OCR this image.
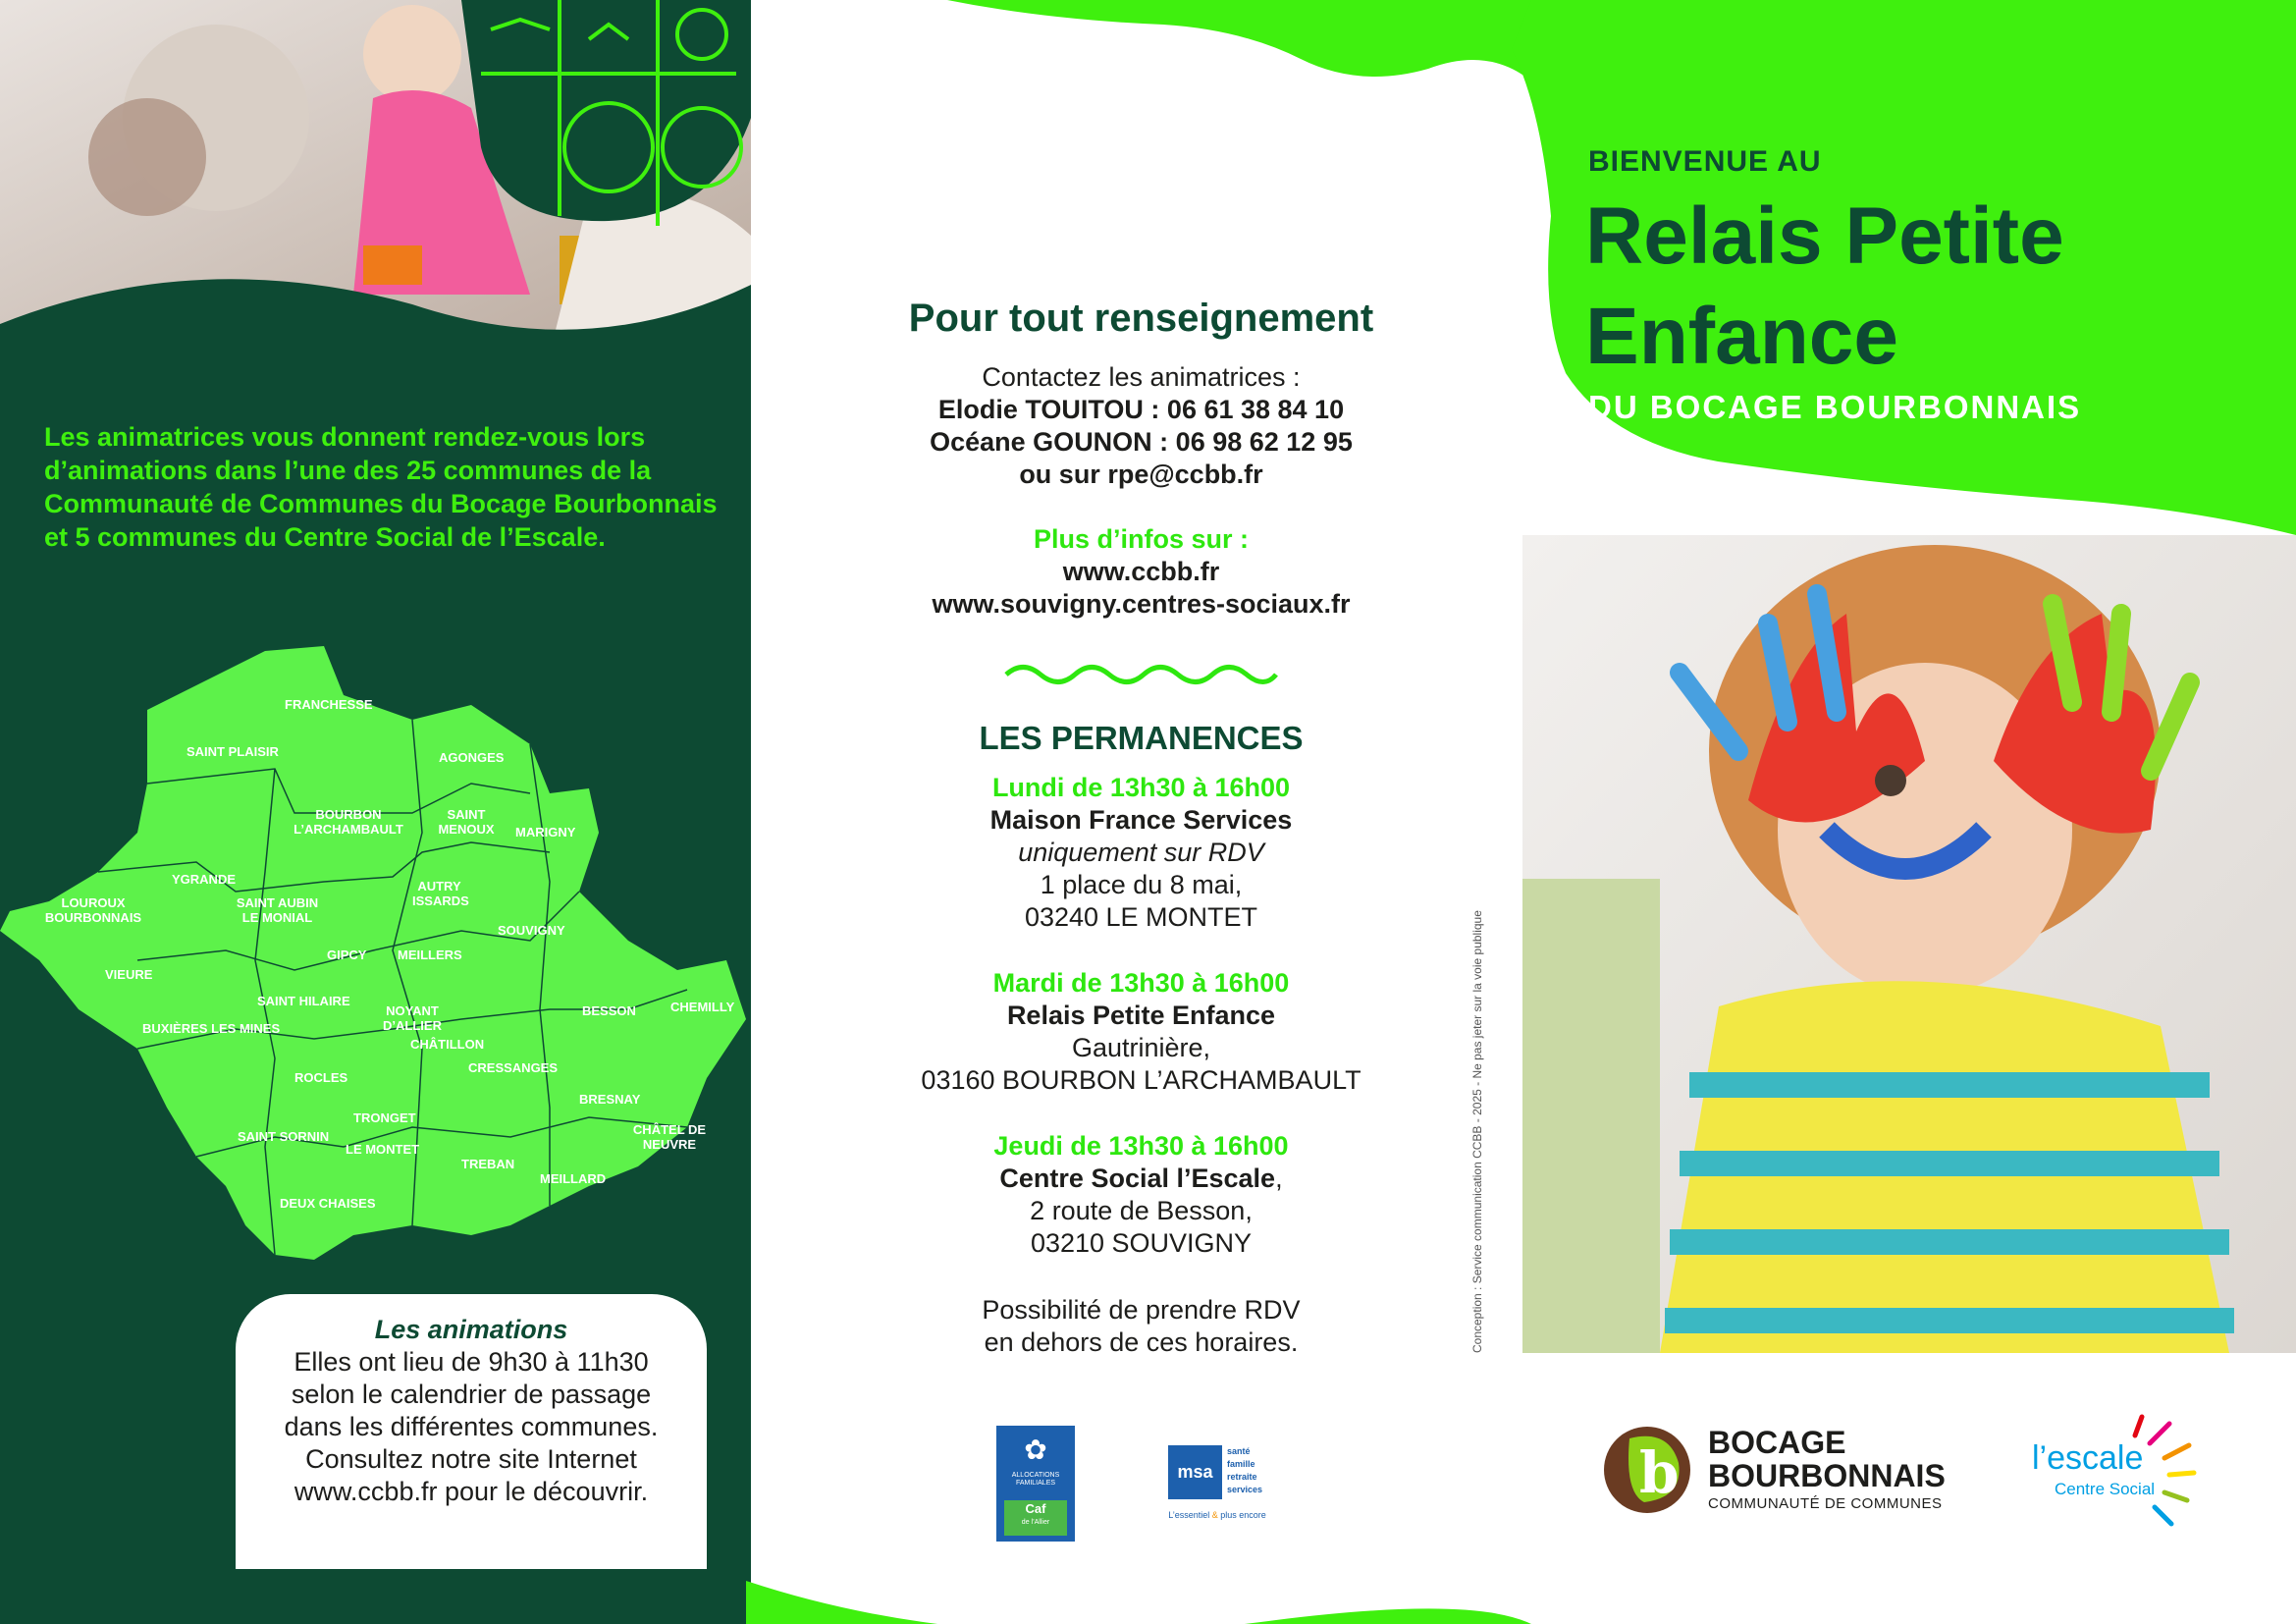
Les animatrices vous donnent rendez-vous lors d’animations dans l’une des 25 communes de la Communauté de Communes du Bocage Bourbonnais et 5 communes du Centre Social de l’Escale.

FRANCHESSE
SAINT PLAISIR	AGONGES
BOURBON L’ARCHAMBAULT
SAINT MENOUX	MARIGNY
YGRANDE
LOUROUX BOURBONNAIS
SAINT AUBIN LE MONIAL
AUTRY ISSARDS
SOUVIGNY
VIEURE
GIPCY MEILLERS
SAINT HILAIRE
NOYANT D’ALLIER
BESSON	CHEMILLY
BUXIÈRES LES MINES
CHÂTILLON
CRESSANGES
ROCLES
BRESNAY
TRONGET
SAINT SORNIN	CHÂTEL DE NEUVRE
LE MONTET
TREBAN
MEILLARD
DEUX CHAISES

Les animations

Elles ont lieu de 9h30 à 11h30

selon le calendrier de passage

dans les différentes communes.

Consultez notre site Internet

www.ccbb.fr pour le découvrir.

Pour tout renseignement
Contactez les animatrices :
Elodie TOUITOU : 06 61 38 84 10
Océane GOUNON : 06 98 62 12 95
ou sur rpe@ccbb.fr
Plus d’infos sur :
www.ccbb.fr
www.souvigny.centres-sociaux.fr
LES PERMANENCES
Lundi de 13h30 à 16h00
Maison France Services
uniquement sur RDV
1 place du 8 mai,
03240 LE MONTET
Mardi de 13h30 à 16h00
Relais Petite Enfance
Gautrinière,
03160 BOURBON L’ARCHAMBAULT
Jeudi de 13h30 à 16h00
Centre Social l’Escale,
2 route de Besson,
03210 SOUVIGNY
Possibilité de prendre RDV
en dehors de ces horaires.
✿
ALLOCATIONS FAMILIALES
Caf
de l’Allier
msa
santé
famille
retraite
services
L’essentiel & plus encore
BIENVENUE AU
Relais Petite
Enfance
DU BOCAGE BOURBONNAIS
Conception : Service communication CCBB - 2025 - Ne pas jeter sur la voie publique
b BOCAGE
BOURBONNAIS
COMMUNAUTÉ DE COMMUNES
l’escale
Centre Social
